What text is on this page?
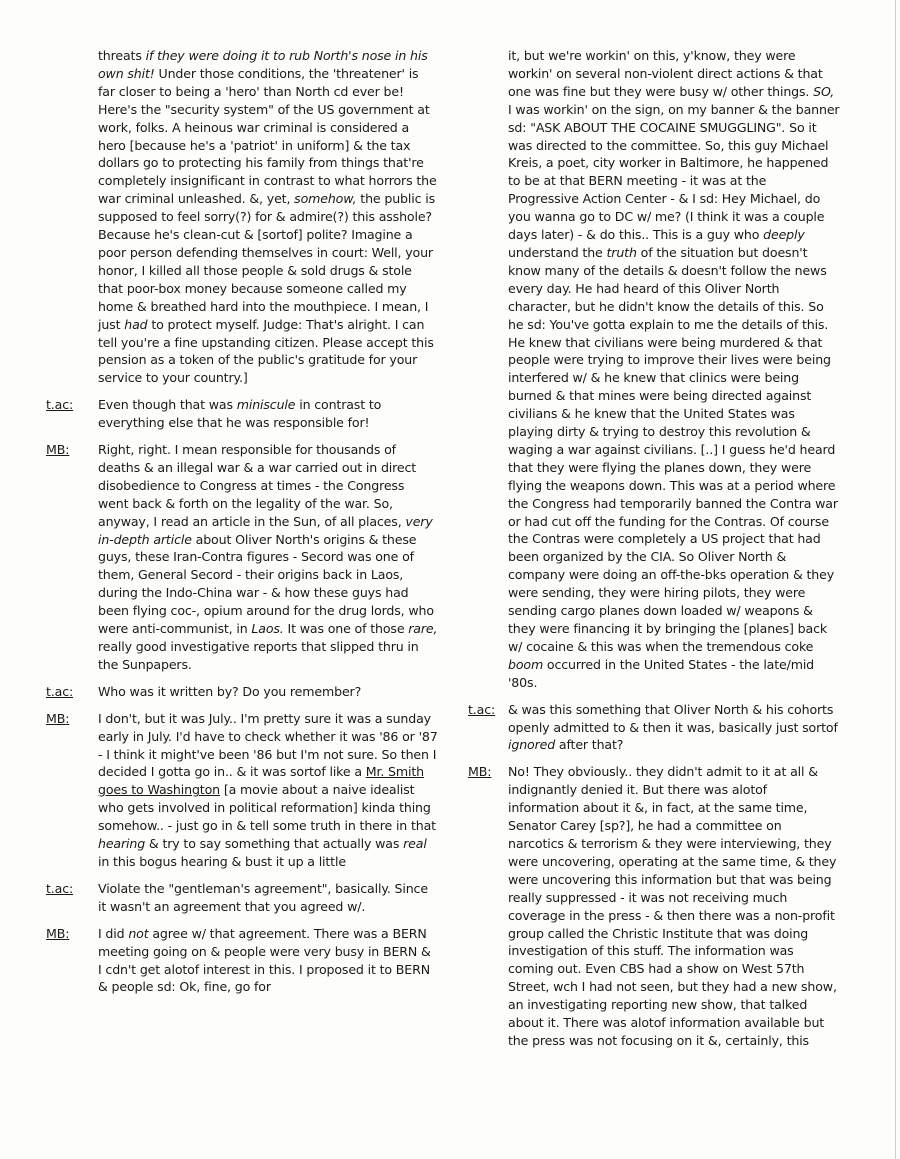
threats if they were doing it to rub North's nose in his own shit! Under those conditions, the 'threatener' is far closer to being a 'hero' than North cd ever be! Here's the "security system" of the US government at work, folks. A heinous war criminal is considered a hero [because he's a 'patriot' in uniform] & the tax dollars go to protecting his family from things that're completely insignificant in contrast to what horrors the war criminal unleashed. &, yet, somehow, the public is supposed to feel sorry(?) for & admire(?) this asshole? Because he's clean-cut & [sortof] polite? Imagine a poor person defending themselves in court: Well, your honor, I killed all those people & sold drugs & stole that poor-box money because someone called my home & breathed hard into the mouthpiece. I mean, I just had to protect myself. Judge: That's alright. I can tell you're a fine upstanding citizen. Please accept this pension as a token of the public's gratitude for your service to your country.]

t.ac: Even though that was miniscule in contrast to everything else that he was responsible for!

MB: Right, right. I mean responsible for thousands of deaths & an illegal war & a war carried out in direct disobedience to Congress at times - the Congress went back & forth on the legality of the war. So, anyway, I read an article in the Sun, of all places, very in-depth article about Oliver North's origins & these guys, these Iran-Contra figures - Secord was one of them, General Secord - their origins back in Laos, during the Indo-China war - & how these guys had been flying coc-, opium around for the drug lords, who were anti-communist, in Laos. It was one of those rare, really good investigative reports that slipped thru in the Sunpapers.

t.ac: Who was it written by? Do you remember?

MB: I don't, but it was July.. I'm pretty sure it was a sunday early in July. I'd have to check whether it was '86 or '87 - I think it might've been '86 but I'm not sure. So then I decided I gotta go in.. & it was sortof like a Mr. Smith goes to Washington [a movie about a naive idealist who gets involved in political reformation] kinda thing somehow.. - just go in & tell some truth in there in that hearing & try to say something that actually was real in this bogus hearing & bust it up a little

t.ac: Violate the "gentleman's agreement", basically. Since it wasn't an agreement that you agreed w/.

MB: I did not agree w/ that agreement. There was a BERN meeting going on & people were very busy in BERN & I cdn't get alotof interest in this. I proposed it to BERN & people sd: Ok, fine, go for

it, but we're workin' on this, y'know, they were workin' on several non-violent direct actions & that one was fine but they were busy w/ other things. SO, I was workin' on the sign, on my banner & the banner sd: "ASK ABOUT THE COCAINE SMUGGLING". So it was directed to the committee. So, this guy Michael Kreis, a poet, city worker in Baltimore, he happened to be at that BERN meeting - it was at the Progressive Action Center - & I sd: Hey Michael, do you wanna go to DC w/ me? (I think it was a couple days later) - & do this.. This is a guy who deeply understand the truth of the situation but doesn't know many of the details & doesn't follow the news every day. He had heard of this Oliver North character, but he didn't know the details of this. So he sd: You've gotta explain to me the details of this. He knew that civilians were being murdered & that people were trying to improve their lives were being interfered w/ & he knew that clinics were being burned & that mines were being directed against civilians & he knew that the United States was playing dirty & trying to destroy this revolution & waging a war against civilians. [..] I guess he'd heard that they were flying the planes down, they were flying the weapons down. This was at a period where the Congress had temporarily banned the Contra war or had cut off the funding for the Contras. Of course the Contras were completely a US project that had been organized by the CIA. So Oliver North & company were doing an off-the-bks operation & they were sending, they were hiring pilots, they were sending cargo planes down loaded w/ weapons & they were financing it by bringing the [planes] back w/ cocaine & this was when the tremendous coke boom occurred in the United States - the late/mid '80s.

t.ac: & was this something that Oliver North & his cohorts openly admitted to & then it was, basically just sortof ignored after that?

MB: No! They obviously.. they didn't admit to it at all & indignantly denied it. But there was alotof information about it &, in fact, at the same time, Senator Carey [sp?], he had a committee on narcotics & terrorism & they were interviewing, they were uncovering, operating at the same time, & they were uncovering this information but that was being really suppressed - it was not receiving much coverage in the press - & then there was a non-profit group called the Christic Institute that was doing investigation of this stuff. The information was coming out. Even CBS had a show on West 57th Street, wch I had not seen, but they had a new show, an investigating reporting new show, that talked about it. There was alotof information available but the press was not focusing on it &, certainly, this
